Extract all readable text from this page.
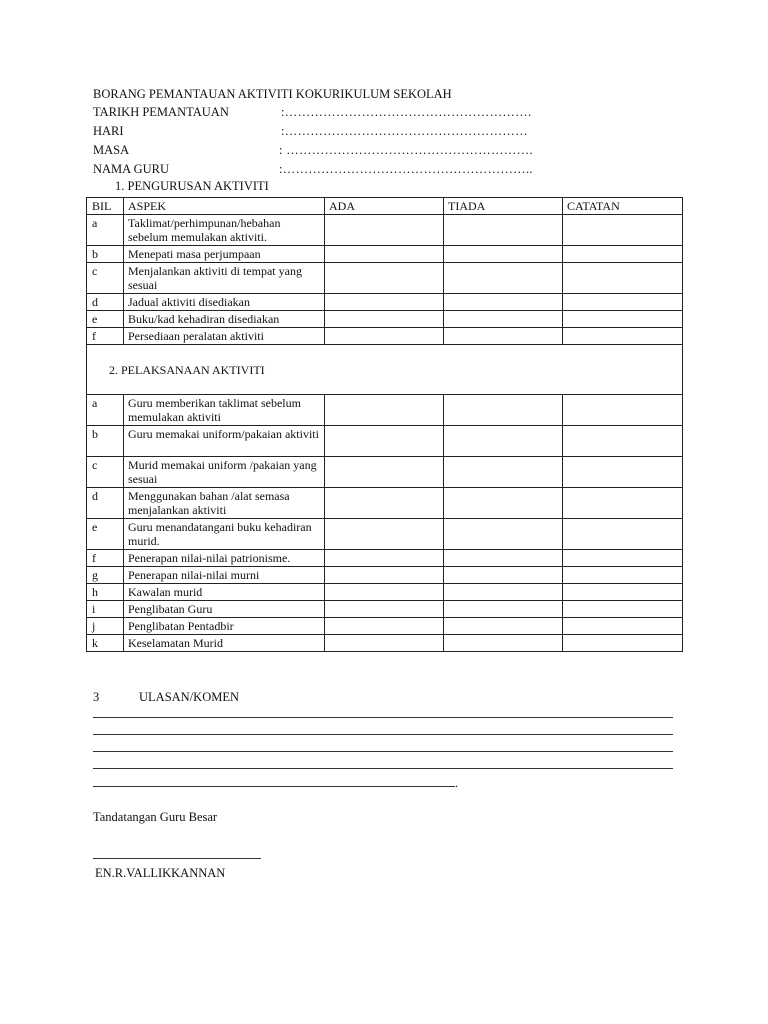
BORANG PEMANTAUAN AKTIVITI KOKURIKULUM SEKOLAH
TARIKH PEMANTAUAN	:………………………………………………….
HARI	:…………………………………………………
MASA	: ………………………………………………….
NAMA GURU	:…………………………………………………..
1. PENGURUSAN AKTIVITI
BIL	ASPEK	ADA	TIADA	CATATAN
a	Taklimat/perhimpunan/hebahan sebelum memulakan aktiviti.			
b	Menepati masa perjumpaan			
c	Menjalankan aktiviti di tempat yang sesuai			
d	Jadual aktiviti disediakan			
e	Buku/kad kehadiran disediakan			
f	Persediaan peralatan aktiviti			
2. PELAKSANAAN AKTIVITI				
a	Guru memberikan taklimat sebelum memulakan aktiviti			
b	Guru memakai uniform/pakaian aktiviti			
c	Murid memakai uniform /pakaian yang sesuai			
d	Menggunakan bahan /alat semasa menjalankan aktiviti			
e	Guru menandatangani buku kehadiran murid.			
f	Penerapan nilai-nilai patrionisme.			
g	Penerapan nilai-nilai murni			
h	Kawalan murid			
i	Penglibatan Guru			
j	Penglibatan Pentadbir			
k	Keselamatan Murid			
3	ULASAN/KOMEN
.
Tandatangan Guru Besar
EN.R.VALLIKKANNAN
